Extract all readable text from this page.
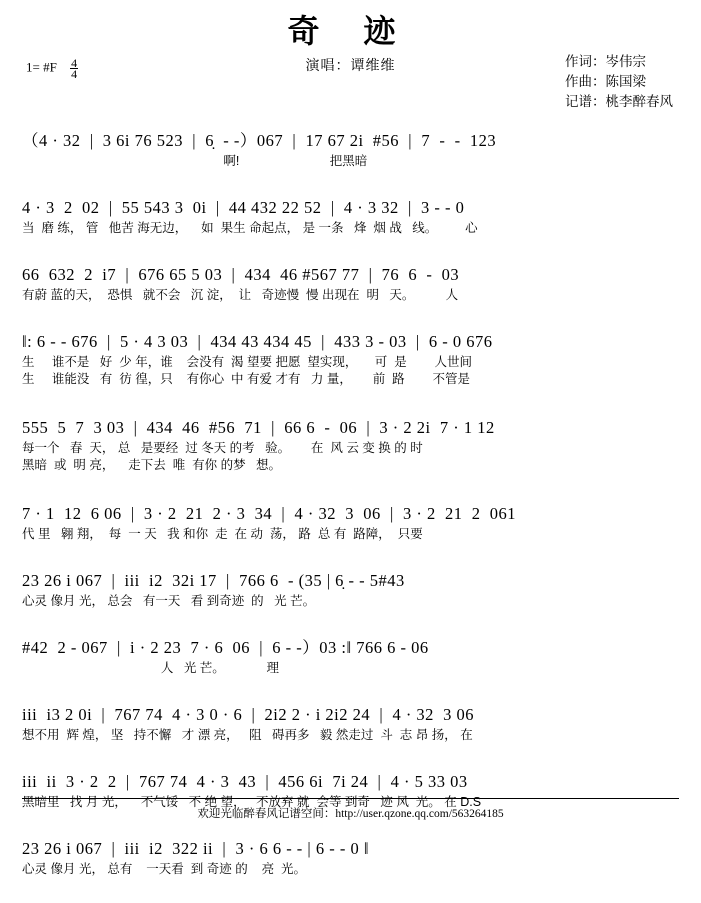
奇 迹
演唱：谭维维
1= #F $\frac{4}{4}$	作词：岑伟宗
作曲：陈国梁
记谱：桃李醉春风
（4 · 32  |  3 6i 76 523  |  6̣  - -）067  |  17 67 2i  #56  |  7  -  -  123
啊!                          把黑暗
4 · 3  2  02  |  55 543 3  0i  |  44 432 22 52  |  4 · 3 32  |  3 - - 0
当  磨 练， 管   他苦 海无边，    如  果生 命起点， 是 一条   烽  烟 战   线。        心
66  632  2  i7  |  676 65 5 03  |  434  46 #567 77  |  76  6  -  03
有蔚 蓝的天，  恐惧   就不会   沉 淀，  让   奇迹慢  慢 出现在  明   天。         人
‖: 6 - - 676  |  5 · 4 3 03  |  434 43 434 45  |  433 3 - 03  |  6 - 0 676
生     谁不是   好  少 年，谁    会没有  渴 望要 把愿  望实现，     可  是        人世间
生     谁能没   有  彷 徨，只    有你心  中 有爱 才有   力 量，      前  路        不管是
555  5  7  3 03  |  434  46  #56  71  |  66 6  -  06  |  3 · 2 2i  7 · 1 12
每一个   春  天， 总   是要经  过 冬天 的考   验。      在  风 云 变 换 的 时
黑暗  或  明 亮，    走下去  唯  有你 的梦   想。
7 · 1  12  6 06  |  3 · 2  21  2 · 3  34  |  4 · 32  3  06  |  3 · 2  21  2  061
代 里   翱 翔，  每  一 天   我 和你  走  在 动  荡， 路  总 有  路障，  只要
23 26 i 067  |  iii  i2  32i 17  |  766 6  - (35 | 6̣ - - 5#43
心灵 像月 光， 总会   有一天   看 到奇迹  的   光 芒。
#42  2 - 067  |  i · 2 23  7 · 6  06  |  6 - -）03 :‖ 766 6 - 06
人   光 芒。            理
iii  i3 2 0i  |  767 74  4 · 3 0 · 6  |  2i2 2 · i 2i2 24  |  4 · 32  3 06
想不用  辉 煌， 坚   持不懈   才 漂 亮，   阻   碍再多   毅 然走过  斗  志 昂 扬， 在
iii  ii  3 · 2  2  |  767 74  4 · 3  43  |  456 6i  7i 24  |  4 · 5 33 03
黑暗里   找 月 光，    不气馁   不 绝 望，   不放弃 就  会等 到奇   迹 风  光。 在 D.S
23 26 i 067  |  iii  i2  322 ii  |  3 · 6 6 - - | 6 - - 0 ‖
心灵 像月 光， 总有    一天看  到 奇迹 的    亮  光。
欢迎光临醉春风记谱空间：http://user.qzone.qq.com/563264185
